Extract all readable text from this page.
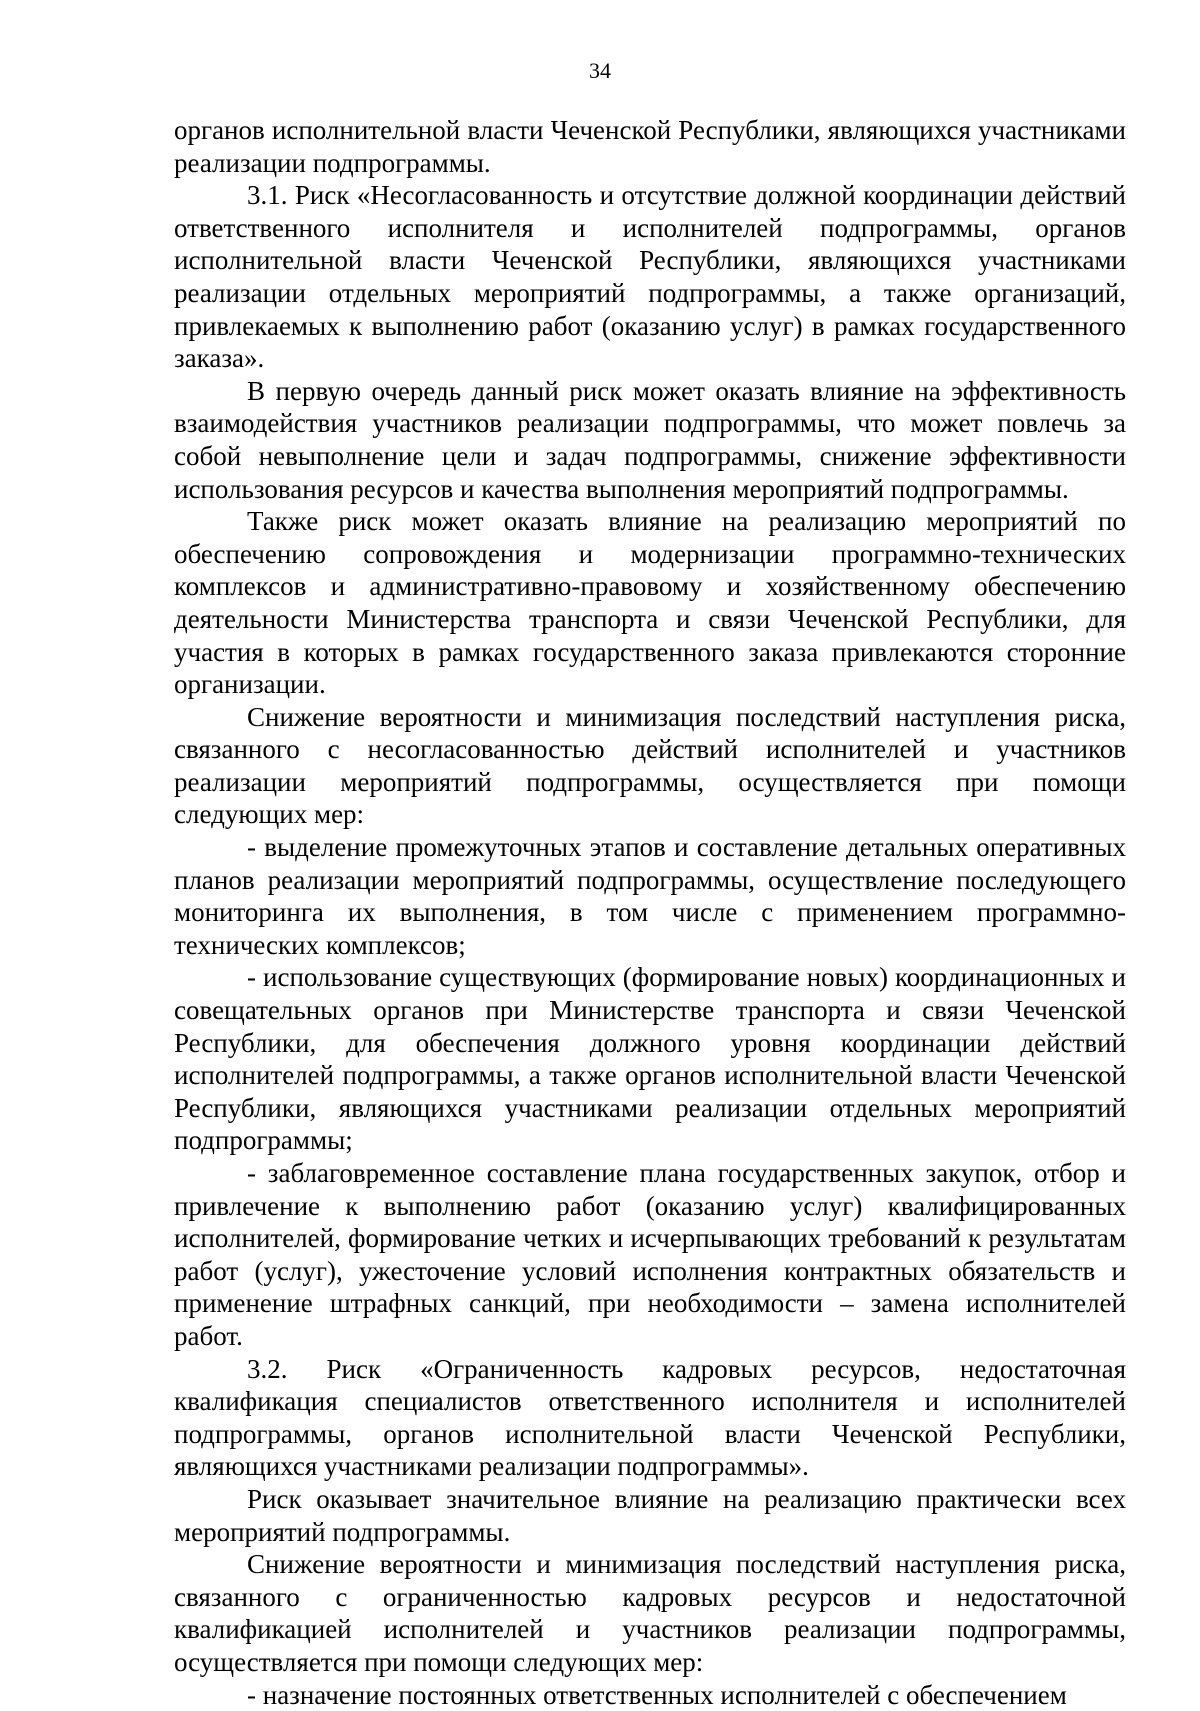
34

органов исполнительной власти Чеченской Республики, являющихся участниками реализации подпрограммы.

3.1. Риск «Несогласованность и отсутствие должной координации действий ответственного исполнителя и исполнителей подпрограммы, органов исполнительной власти Чеченской Республики, являющихся участниками реализации отдельных мероприятий подпрограммы, а также организаций, привлекаемых к выполнению работ (оказанию услуг) в рамках государственного заказа».

В первую очередь данный риск может оказать влияние на эффективность взаимодействия участников реализации подпрограммы, что может повлечь за собой невыполнение цели и задач подпрограммы, снижение эффективности использования ресурсов и качества выполнения мероприятий подпрограммы.

Также риск может оказать влияние на реализацию мероприятий по обеспечению сопровождения и модернизации программно-технических комплексов и административно-правовому и хозяйственному обеспечению деятельности Министерства транспорта и связи Чеченской Республики, для участия в которых в рамках государственного заказа привлекаются сторонние организации.

Снижение вероятности и минимизация последствий наступления риска, связанного с несогласованностью действий исполнителей и участников реализации мероприятий подпрограммы, осуществляется при помощи следующих мер:

- выделение промежуточных этапов и составление детальных оперативных планов реализации мероприятий подпрограммы, осуществление последующего мониторинга их выполнения, в том числе с применением программно-технических комплексов;

- использование существующих (формирование новых) координационных и совещательных органов при Министерстве транспорта и связи Чеченской Республики, для обеспечения должного уровня координации действий исполнителей подпрограммы, а также органов исполнительной власти Чеченской Республики, являющихся участниками реализации отдельных мероприятий подпрограммы;

- заблаговременное составление плана государственных закупок, отбор и привлечение к выполнению работ (оказанию услуг) квалифицированных исполнителей, формирование четких и исчерпывающих требований к результатам работ (услуг), ужесточение условий исполнения контрактных обязательств и применение штрафных санкций, при необходимости – замена исполнителей работ.

3.2. Риск «Ограниченность кадровых ресурсов, недостаточная квалификация специалистов ответственного исполнителя и исполнителей подпрограммы, органов исполнительной власти Чеченской Республики, являющихся участниками реализации подпрограммы».

Риск оказывает значительное влияние на реализацию практически всех мероприятий подпрограммы.

Снижение вероятности и минимизация последствий наступления риска, связанного с ограниченностью кадровых ресурсов и недостаточной квалификацией исполнителей и участников реализации подпрограммы, осуществляется при помощи следующих мер:

- назначение постоянных ответственных исполнителей с обеспечением
